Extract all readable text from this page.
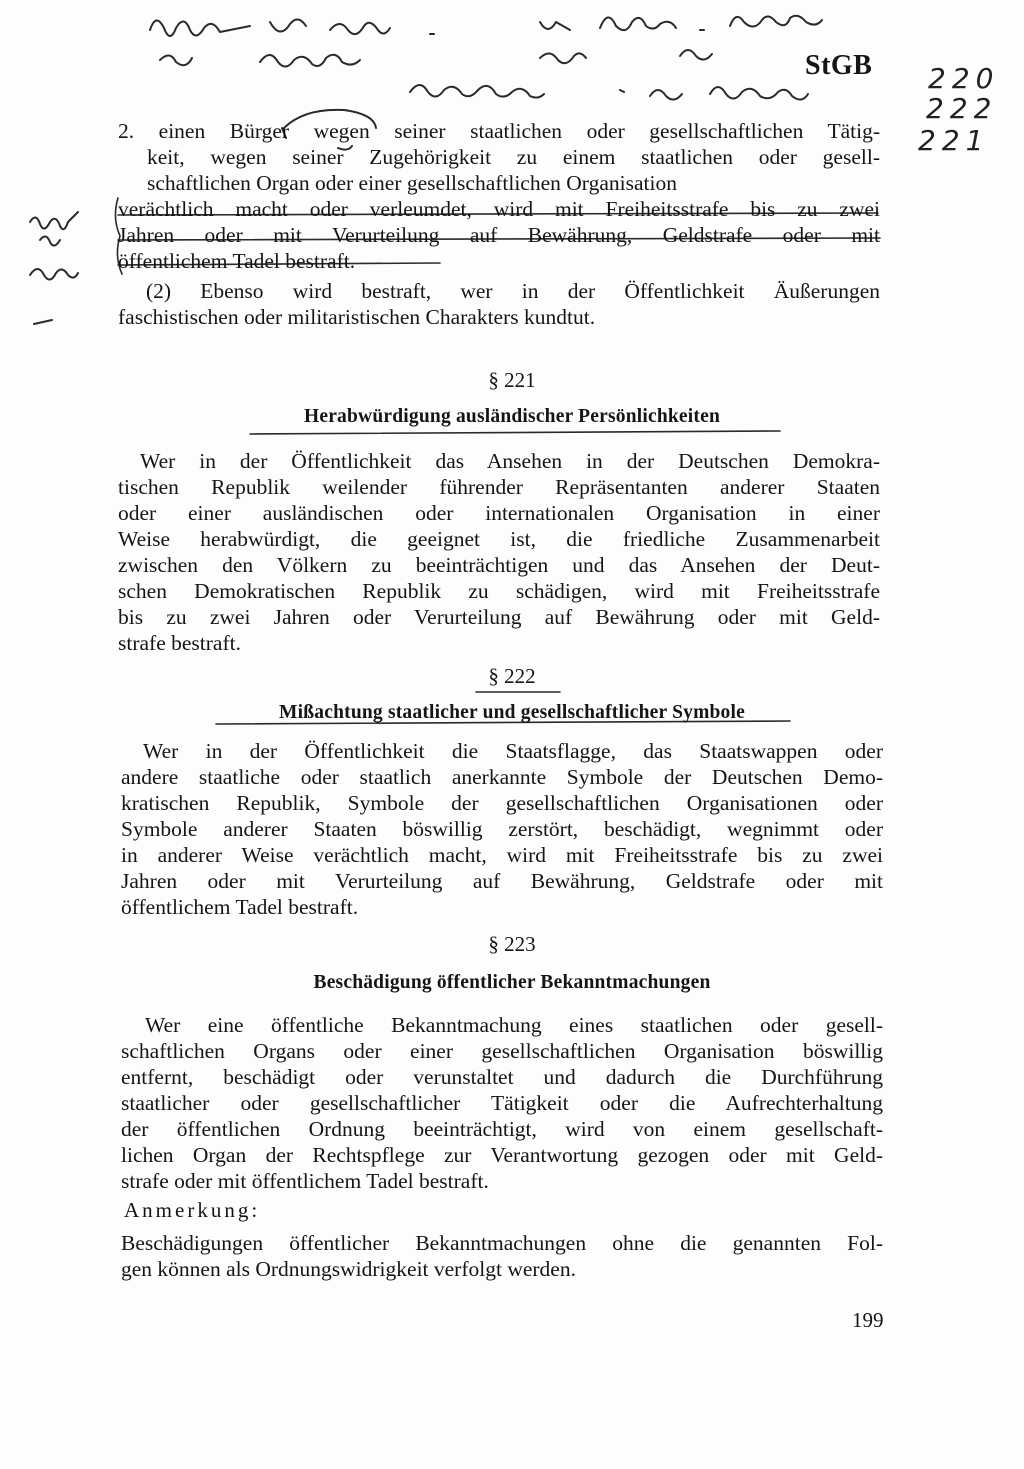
220
222
221
StGB
2. einen Bürger wegen seiner staatlichen oder gesellschaftlichen Tätig-
keit, wegen seiner Zugehörigkeit zu einem staatlichen oder gesell-
schaftlichen Organ oder einer gesellschaftlichen Organisation
verächtlich macht oder verleumdet, wird mit Freiheitsstrafe bis zu zwei
Jahren oder mit Verurteilung auf Bewährung, Geldstrafe oder mit
öffentlichem Tadel bestraft.
(2) Ebenso wird bestraft, wer in der Öffentlichkeit Äußerungen
faschistischen oder militaristischen Charakters kundtut.
§ 221
Herabwürdigung ausländischer Persönlichkeiten
Wer in der Öffentlichkeit das Ansehen in der Deutschen Demokra-
tischen Republik weilender führender Repräsentanten anderer Staaten
oder einer ausländischen oder internationalen Organisation in einer
Weise herabwürdigt, die geeignet ist, die friedliche Zusammenarbeit
zwischen den Völkern zu beeinträchtigen und das Ansehen der Deut-
schen Demokratischen Republik zu schädigen, wird mit Freiheitsstrafe
bis zu zwei Jahren oder Verurteilung auf Bewährung oder mit Geld-
strafe bestraft.
§ 222
Mißachtung staatlicher und gesellschaftlicher Symbole
Wer in der Öffentlichkeit die Staatsflagge, das Staatswappen oder
andere staatliche oder staatlich anerkannte Symbole der Deutschen Demo-
kratischen Republik, Symbole der gesellschaftlichen Organisationen oder
Symbole anderer Staaten böswillig zerstört, beschädigt, wegnimmt oder
in anderer Weise verächtlich macht, wird mit Freiheitsstrafe bis zu zwei
Jahren oder mit Verurteilung auf Bewährung, Geldstrafe oder mit
öffentlichem Tadel bestraft.
§ 223
Beschädigung öffentlicher Bekanntmachungen
Wer eine öffentliche Bekanntmachung eines staatlichen oder gesell-
schaftlichen Organs oder einer gesellschaftlichen Organisation böswillig
entfernt, beschädigt oder verunstaltet und dadurch die Durchführung
staatlicher oder gesellschaftlicher Tätigkeit oder die Aufrechterhaltung
der öffentlichen Ordnung beeinträchtigt, wird von einem gesellschaft-
lichen Organ der Rechtspflege zur Verantwortung gezogen oder mit Geld-
strafe oder mit öffentlichem Tadel bestraft.
Anmerkung:
Beschädigungen öffentlicher Bekanntmachungen ohne die genannten Fol-
gen können als Ordnungswidrigkeit verfolgt werden.
199
